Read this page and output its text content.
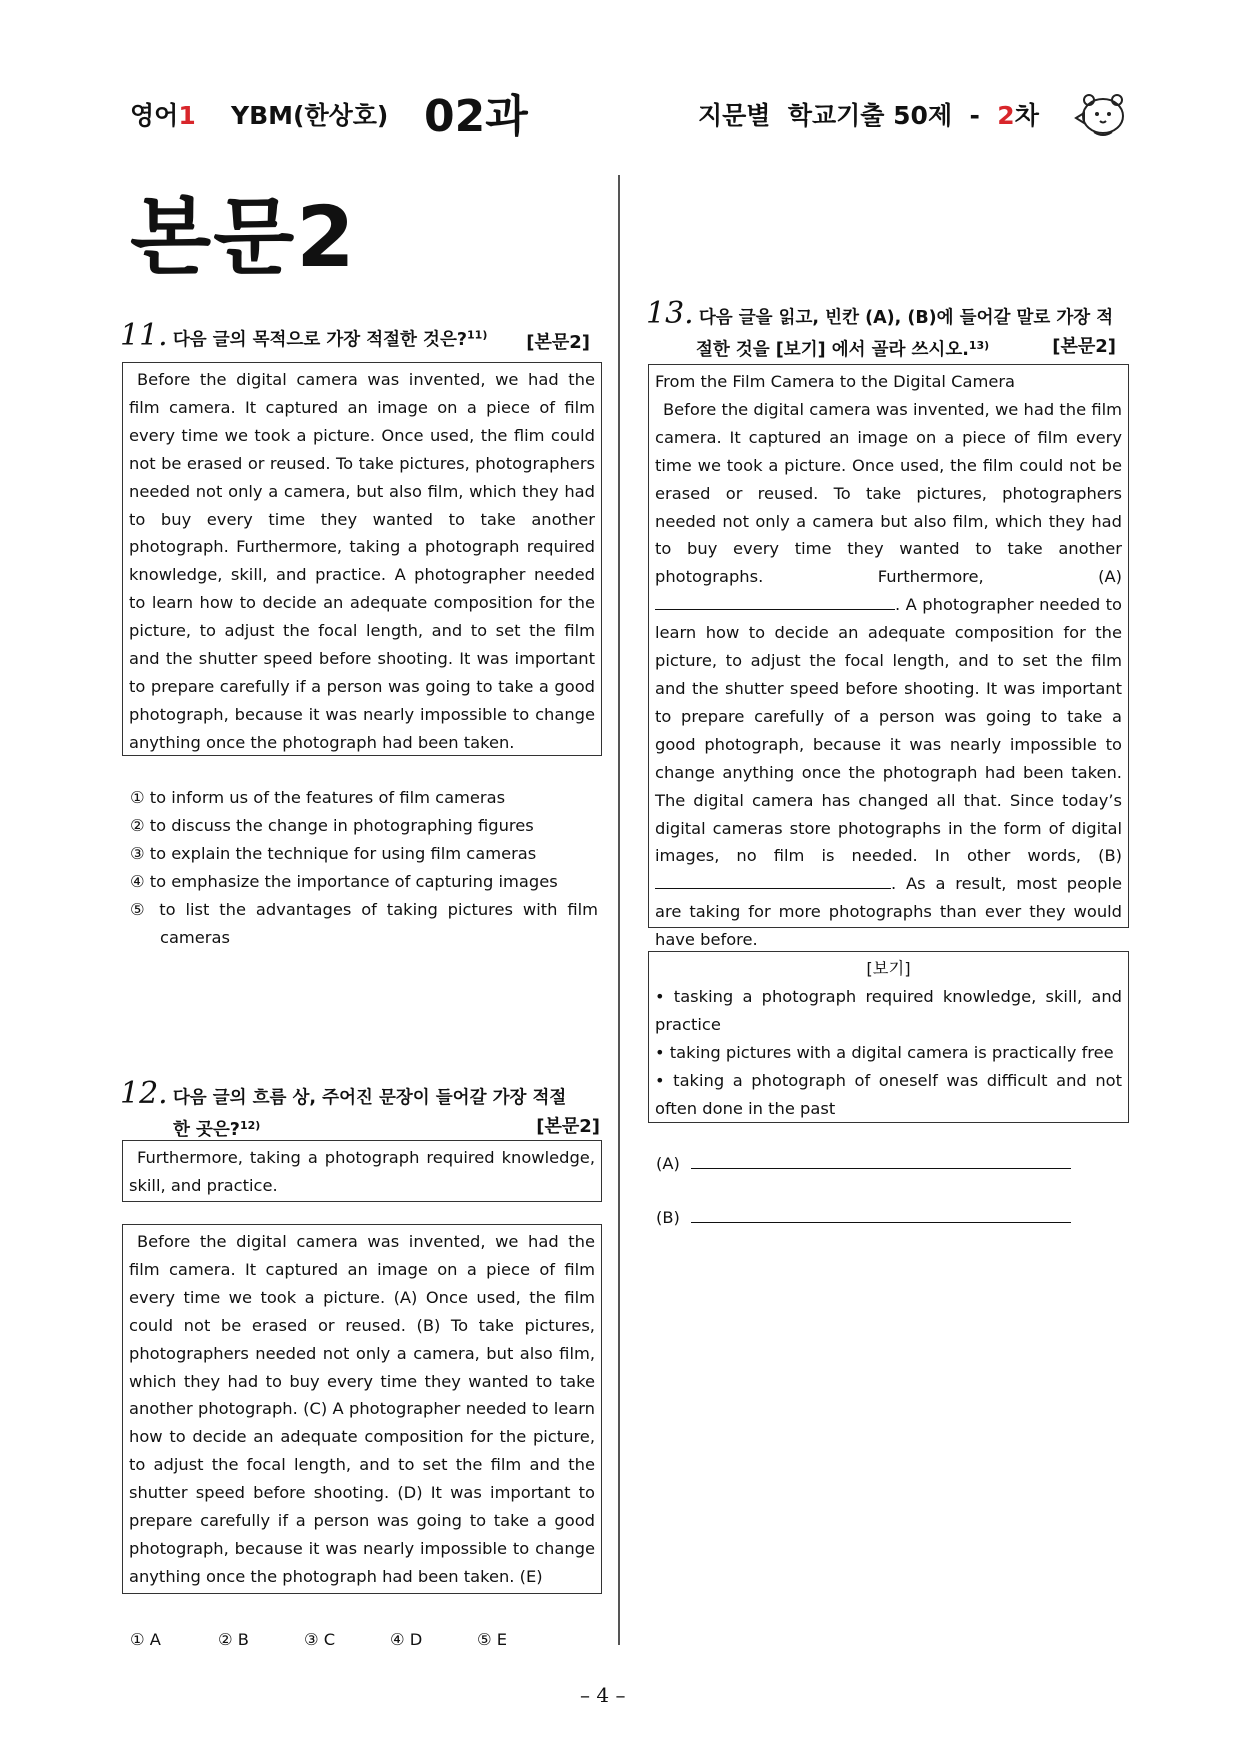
영어1 YBM(한상호) 02과	지문별  학교기출 50제  -  2차
본문2
11. 다음 글의 목적으로 가장 적절한 것은?$^{11)}$ [본문2]
Before the digital camera was invented, we had the film camera. It captured an image on a piece of film every time we took a picture. Once used, the flim could not be erased or reused. To take pictures, photographers needed not only a camera, but also film, which they had to buy every time they wanted to take another photograph. Furthermore, taking a photograph required knowledge, skill, and practice. A photographer needed to learn how to decide an adequate composition for the picture, to adjust the focal length, and to set the film and the shutter speed before shooting. It was important to prepare carefully if a person was going to take a good photograph, because it was nearly impossible to change anything once the photograph had been taken.
① to inform us of the features of film cameras
② to discuss the change in photographing figures
③ to explain the technique for using film cameras
④ to emphasize the importance of capturing images
⑤ to list the advantages of taking pictures with film cameras
12. 다음 글의 흐름 상, 주어진 문장이 들어갈 가장 적절
한 곳은?$^{12)}$	[본문2]
Furthermore, taking a photograph required knowledge, skill, and practice.
Before the digital camera was invented, we had the film camera. It captured an image on a piece of film every time we took a picture. (A) Once used, the film could not be erased or reused. (B) To take pictures, photographers needed not only a camera, but also film, which they had to buy every time they wanted to take another photograph. (C) A photographer needed to learn how to decide an adequate composition for the picture, to adjust the focal length, and to set the film and the shutter speed before shooting. (D) It was important to prepare carefully if a person was going to take a good photograph, because it was nearly impossible to change anything once the photograph had been taken. (E)
① A	② B	③ C	④ D	⑤ E
13. 다음 글을 읽고, 빈칸 (A), (B)에 들어갈 말로 가장 적
절한 것을 [보기] 에서 골라 쓰시오.$^{13)}$	[본문2]
From the Film Camera to the Digital Camera
Before the digital camera was invented, we had the film camera. It captured an image on a piece of film every time we took a picture. Once used, the film could not be erased or reused. To take pictures, photographers needed not only a camera but also film, which they had to buy every time they wanted to take another photographs. Furthermore,	(A). A photographer needed to learn how to decide an adequate composition for the picture, to adjust the focal length, and to set the film and the shutter speed before shooting. It was important to prepare carefully of a person was going to take a good photograph, because it was nearly impossible to change anything once the photograph had been taken. The digital camera has changed all that. Since today’s digital cameras store photographs in the form of digital images, no film is needed. In other words, (B). As a result, most people are taking for more photographs than ever they would have before.
[보기]
• tasking a photograph required knowledge, skill, and practice
• taking pictures with a digital camera is practically free
• taking a photograph of oneself was difficult and not often done in the past
(A)
(B)
– 4 –
